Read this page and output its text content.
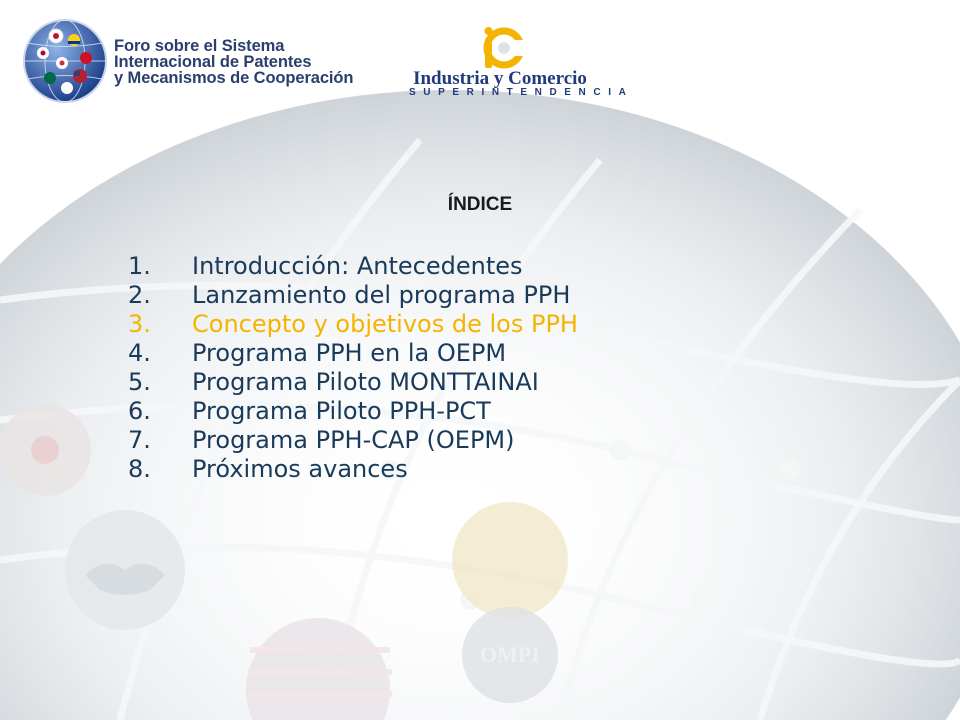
OMPI
Foro sobre el Sistema
Internacional de Patentes
y Mecanismos de Cooperación	Industria y Comercio
SUPERINTENDENCIA
ÍNDICE
1.	Introducción: Antecedentes
2.	Lanzamiento del programa PPH
3.	Concepto y objetivos de los PPH
4.	Programa PPH en la OEPM
5.	Programa Piloto MONTTAINAI
6.	Programa Piloto PPH-PCT
7.	Programa PPH-CAP (OEPM)
8.	Próximos avances
